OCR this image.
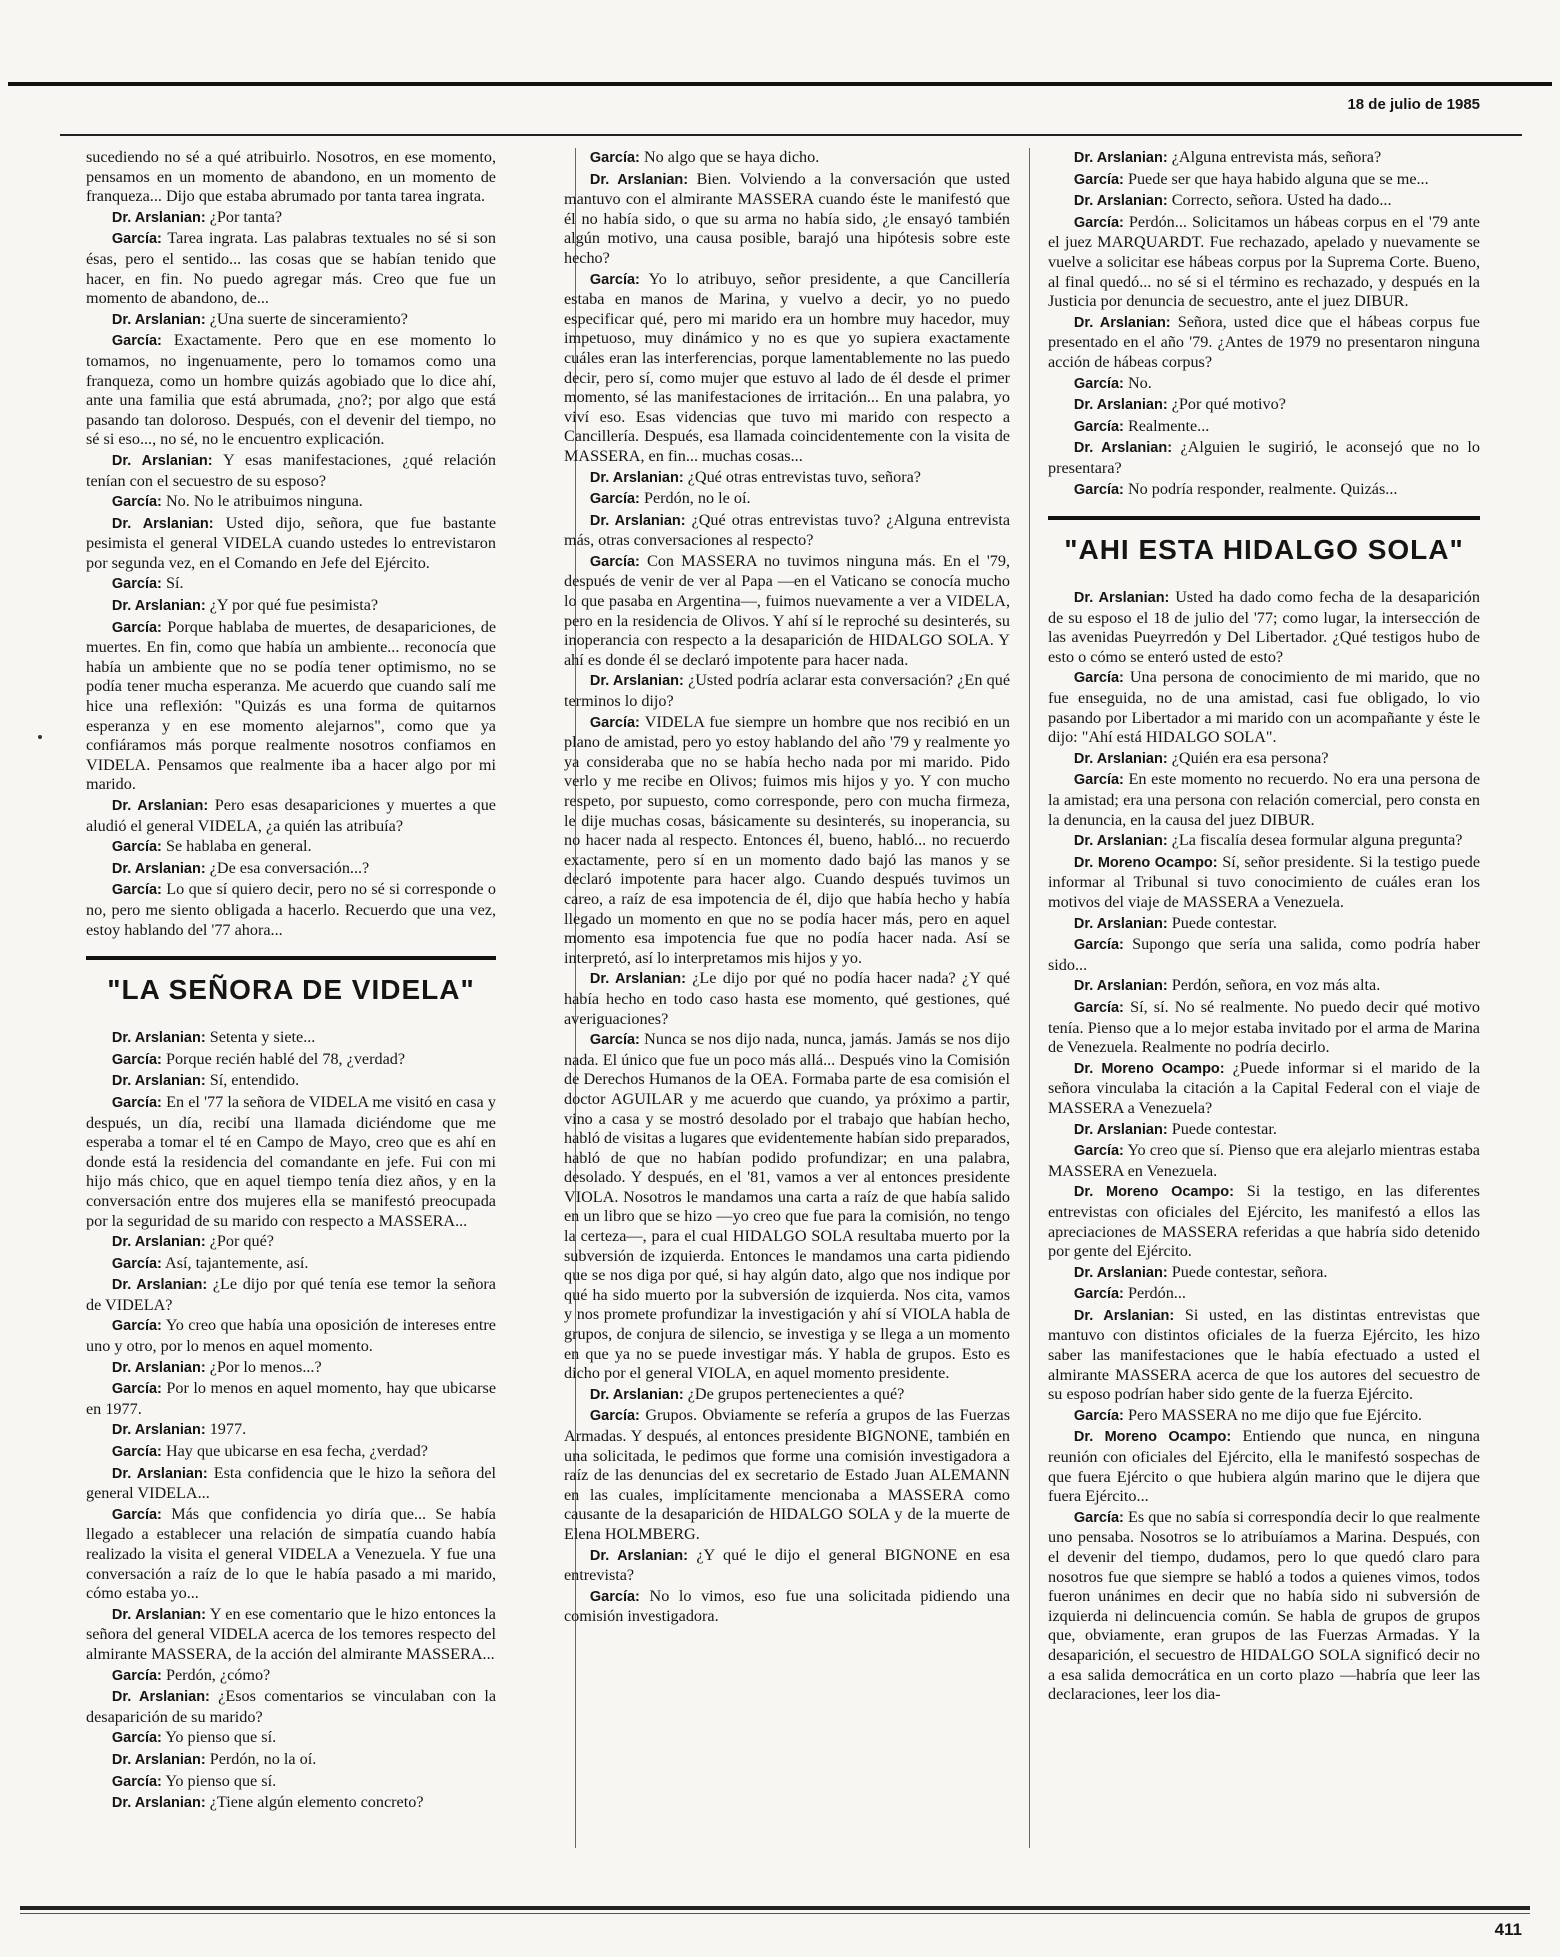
18 de julio de 1985

sucediendo no sé a qué atribuirlo. Nosotros, en ese momento, pensamos en un momento de abandono, en un momento de franqueza... Dijo que estaba abrumado por tanta tarea ingrata.

Dr. Arslanian: ¿Por tanta?

García: Tarea ingrata. Las palabras textuales no sé si son ésas, pero el sentido... las cosas que se habían tenido que hacer, en fin. No puedo agregar más. Creo que fue un momento de abandono, de...

Dr. Arslanian: ¿Una suerte de sinceramiento?

García: Exactamente. Pero que en ese momento lo tomamos, no ingenuamente, pero lo tomamos como una franqueza, como un hombre quizás agobiado que lo dice ahí, ante una familia que está abrumada, ¿no?; por algo que está pasando tan doloroso. Después, con el devenir del tiempo, no sé si eso..., no sé, no le encuentro explicación.

Dr. Arslanian: Y esas manifestaciones, ¿qué relación tenían con el secuestro de su esposo?

García: No. No le atribuimos ninguna.

Dr. Arslanian: Usted dijo, señora, que fue bastante pesimista el general VIDELA cuando ustedes lo entrevistaron por segunda vez, en el Comando en Jefe del Ejército.

García: Sí.

Dr. Arslanian: ¿Y por qué fue pesimista?

García: Porque hablaba de muertes, de desapariciones, de muertes. En fin, como que había un ambiente... reconocía que había un ambiente que no se podía tener optimismo, no se podía tener mucha esperanza. Me acuerdo que cuando salí me hice una reflexión: "Quizás es una forma de quitarnos esperanza y en ese momento alejarnos", como que ya confiáramos más porque realmente nosotros confiamos en VIDELA. Pensamos que realmente iba a hacer algo por mi marido.

Dr. Arslanian: Pero esas desapariciones y muertes a que aludió el general VIDELA, ¿a quién las atribuía?

García: Se hablaba en general.

Dr. Arslanian: ¿De esa conversación...?

García: Lo que sí quiero decir, pero no sé si corresponde o no, pero me siento obligada a hacerlo. Recuerdo que una vez, estoy hablando del '77 ahora...

"LA SEÑORA DE VIDELA"

Dr. Arslanian: Setenta y siete...

García: Porque recién hablé del 78, ¿verdad?

Dr. Arslanian: Sí, entendido.

García: En el '77 la señora de VIDELA me visitó en casa y después, un día, recibí una llamada diciéndome que me esperaba a tomar el té en Campo de Mayo, creo que es ahí en donde está la residencia del comandante en jefe. Fui con mi hijo más chico, que en aquel tiempo tenía diez años, y en la conversación entre dos mujeres ella se manifestó preocupada por la seguridad de su marido con respecto a MASSERA...

Dr. Arslanian: ¿Por qué?

García: Así, tajantemente, así.

Dr. Arslanian: ¿Le dijo por qué tenía ese temor la señora de VIDELA?

García: Yo creo que había una oposición de intereses entre uno y otro, por lo menos en aquel momento.

Dr. Arslanian: ¿Por lo menos...?

García: Por lo menos en aquel momento, hay que ubicarse en 1977.

Dr. Arslanian: 1977.

García: Hay que ubicarse en esa fecha, ¿verdad?

Dr. Arslanian: Esta confidencia que le hizo la señora del general VIDELA...

García: Más que confidencia yo diría que... Se había llegado a establecer una relación de simpatía cuando había realizado la visita el general VIDELA a Venezuela. Y fue una conversación a raíz de lo que le había pasado a mi marido, cómo estaba yo...

Dr. Arslanian: Y en ese comentario que le hizo entonces la señora del general VIDELA acerca de los temores respecto del almirante MASSERA, de la acción del almirante MASSERA...

García: Perdón, ¿cómo?

Dr. Arslanian: ¿Esos comentarios se vinculaban con la desaparición de su marido?

García: Yo pienso que sí.

Dr. Arslanian: Perdón, no la oí.

García: Yo pienso que sí.

Dr. Arslanian: ¿Tiene algún elemento concreto?

García: No algo que se haya dicho.

Dr. Arslanian: Bien. Volviendo a la conversación que usted mantuvo con el almirante MASSERA cuando éste le manifestó que él no había sido, o que su arma no había sido, ¿le ensayó también algún motivo, una causa posible, barajó una hipótesis sobre este hecho?

García: Yo lo atribuyo, señor presidente, a que Cancillería estaba en manos de Marina, y vuelvo a decir, yo no puedo especificar qué, pero mi marido era un hombre muy hacedor, muy impetuoso, muy dinámico y no es que yo supiera exactamente cuáles eran las interferencias, porque lamentablemente no las puedo decir, pero sí, como mujer que estuvo al lado de él desde el primer momento, sé las manifestaciones de irritación... En una palabra, yo viví eso. Esas videncias que tuvo mi marido con respecto a Cancillería. Después, esa llamada coincidentemente con la visita de MASSERA, en fin... muchas cosas...

Dr. Arslanian: ¿Qué otras entrevistas tuvo, señora?

García: Perdón, no le oí.

Dr. Arslanian: ¿Qué otras entrevistas tuvo? ¿Alguna entrevista más, otras conversaciones al respecto?

García: Con MASSERA no tuvimos ninguna más. En el '79, después de venir de ver al Papa —en el Vaticano se conocía mucho lo que pasaba en Argentina—, fuimos nuevamente a ver a VIDELA, pero en la residencia de Olivos. Y ahí sí le reproché su desinterés, su inoperancia con respecto a la desaparición de HIDALGO SOLA. Y ahí es donde él se declaró impotente para hacer nada.

Dr. Arslanian: ¿Usted podría aclarar esta conversación? ¿En qué terminos lo dijo?

García: VIDELA fue siempre un hombre que nos recibió en un plano de amistad, pero yo estoy hablando del año '79 y realmente yo ya consideraba que no se había hecho nada por mi marido. Pido verlo y me recibe en Olivos; fuimos mis hijos y yo. Y con mucho respeto, por supuesto, como corresponde, pero con mucha firmeza, le dije muchas cosas, básicamente su desinterés, su inoperancia, su no hacer nada al respecto. Entonces él, bueno, habló... no recuerdo exactamente, pero sí en un momento dado bajó las manos y se declaró impotente para hacer algo. Cuando después tuvimos un careo, a raíz de esa impotencia de él, dijo que había hecho y había llegado un momento en que no se podía hacer más, pero en aquel momento esa impotencia fue que no podía hacer nada. Así se interpretó, así lo interpretamos mis hijos y yo.

Dr. Arslanian: ¿Le dijo por qué no podía hacer nada? ¿Y qué había hecho en todo caso hasta ese momento, qué gestiones, qué averiguaciones?

García: Nunca se nos dijo nada, nunca, jamás. Jamás se nos dijo nada. El único que fue un poco más allá... Después vino la Comisión de Derechos Humanos de la OEA. Formaba parte de esa comisión el doctor AGUILAR y me acuerdo que cuando, ya próximo a partir, vino a casa y se mostró desolado por el trabajo que habían hecho, habló de visitas a lugares que evidentemente habían sido preparados, habló de que no habían podido profundizar; en una palabra, desolado. Y después, en el '81, vamos a ver al entonces presidente VIOLA. Nosotros le mandamos una carta a raíz de que había salido en un libro que se hizo —yo creo que fue para la comisión, no tengo la certeza—, para el cual HIDALGO SOLA resultaba muerto por la subversión de izquierda. Entonces le mandamos una carta pidiendo que se nos diga por qué, si hay algún dato, algo que nos indique por qué ha sido muerto por la subversión de izquierda. Nos cita, vamos y nos promete profundizar la investigación y ahí sí VIOLA habla de grupos, de conjura de silencio, se investiga y se llega a un momento en que ya no se puede investigar más. Y habla de grupos. Esto es dicho por el general VIOLA, en aquel momento presidente.

Dr. Arslanian: ¿De grupos pertenecientes a qué?

García: Grupos. Obviamente se refería a grupos de las Fuerzas Armadas. Y después, al entonces presidente BIGNONE, también en una solicitada, le pedimos que forme una comisión investigadora a raíz de las denuncias del ex secretario de Estado Juan ALEMANN en las cuales, implícitamente mencionaba a MASSERA como causante de la desaparición de HIDALGO SOLA y de la muerte de Elena HOLMBERG.

Dr. Arslanian: ¿Y qué le dijo el general BIGNONE en esa entrevista?

García: No lo vimos, eso fue una solicitada pidiendo una comisión investigadora.

Dr. Arslanian: ¿Alguna entrevista más, señora?

García: Puede ser que haya habido alguna que se me...

Dr. Arslanian: Correcto, señora. Usted ha dado...

García: Perdón... Solicitamos un hábeas corpus en el '79 ante el juez MARQUARDT. Fue rechazado, apelado y nuevamente se vuelve a solicitar ese hábeas corpus por la Suprema Corte. Bueno, al final quedó... no sé si el término es rechazado, y después en la Justicia por denuncia de secuestro, ante el juez DIBUR.

Dr. Arslanian: Señora, usted dice que el hábeas corpus fue presentado en el año '79. ¿Antes de 1979 no presentaron ninguna acción de hábeas corpus?

García: No.

Dr. Arslanian: ¿Por qué motivo?

García: Realmente...

Dr. Arslanian: ¿Alguien le sugirió, le aconsejó que no lo presentara?

García: No podría responder, realmente. Quizás...

"AHI ESTA HIDALGO SOLA"

Dr. Arslanian: Usted ha dado como fecha de la desaparición de su esposo el 18 de julio del '77; como lugar, la intersección de las avenidas Pueyrredón y Del Libertador. ¿Qué testigos hubo de esto o cómo se enteró usted de esto?

García: Una persona de conocimiento de mi marido, que no fue enseguida, no de una amistad, casi fue obligado, lo vio pasando por Libertador a mi marido con un acompañante y éste le dijo: "Ahí está HIDALGO SOLA".

Dr. Arslanian: ¿Quién era esa persona?

García: En este momento no recuerdo. No era una persona de la amistad; era una persona con relación comercial, pero consta en la denuncia, en la causa del juez DIBUR.

Dr. Arslanian: ¿La fiscalía desea formular alguna pregunta?

Dr. Moreno Ocampo: Sí, señor presidente. Si la testigo puede informar al Tribunal si tuvo conocimiento de cuáles eran los motivos del viaje de MASSERA a Venezuela.

Dr. Arslanian: Puede contestar.

García: Supongo que sería una salida, como podría haber sido...

Dr. Arslanian: Perdón, señora, en voz más alta.

García: Sí, sí. No sé realmente. No puedo decir qué motivo tenía. Pienso que a lo mejor estaba invitado por el arma de Marina de Venezuela. Realmente no podría decirlo.

Dr. Moreno Ocampo: ¿Puede informar si el marido de la señora vinculaba la citación a la Capital Federal con el viaje de MASSERA a Venezuela?

Dr. Arslanian: Puede contestar.

García: Yo creo que sí. Pienso que era alejarlo mientras estaba MASSERA en Venezuela.

Dr. Moreno Ocampo: Si la testigo, en las diferentes entrevistas con oficiales del Ejército, les manifestó a ellos las apreciaciones de MASSERA referidas a que habría sido detenido por gente del Ejército.

Dr. Arslanian: Puede contestar, señora.

García: Perdón...

Dr. Arslanian: Si usted, en las distintas entrevistas que mantuvo con distintos oficiales de la fuerza Ejército, les hizo saber las manifestaciones que le había efectuado a usted el almirante MASSERA acerca de que los autores del secuestro de su esposo podrían haber sido gente de la fuerza Ejército.

García: Pero MASSERA no me dijo que fue Ejército.

Dr. Moreno Ocampo: Entiendo que nunca, en ninguna reunión con oficiales del Ejército, ella le manifestó sospechas de que fuera Ejército o que hubiera algún marino que le dijera que fuera Ejército...

García: Es que no sabía si correspondía decir lo que realmente uno pensaba. Nosotros se lo atribuíamos a Marina. Después, con el devenir del tiempo, dudamos, pero lo que quedó claro para nosotros fue que siempre se habló a todos a quienes vimos, todos fueron unánimes en decir que no había sido ni subversión de izquierda ni delincuencia común. Se habla de grupos de grupos que, obviamente, eran grupos de las Fuerzas Armadas. Y la desaparición, el secuestro de HIDALGO SOLA significó decir no a esa salida democrática en un corto plazo —habría que leer las declaraciones, leer los dia-

411
